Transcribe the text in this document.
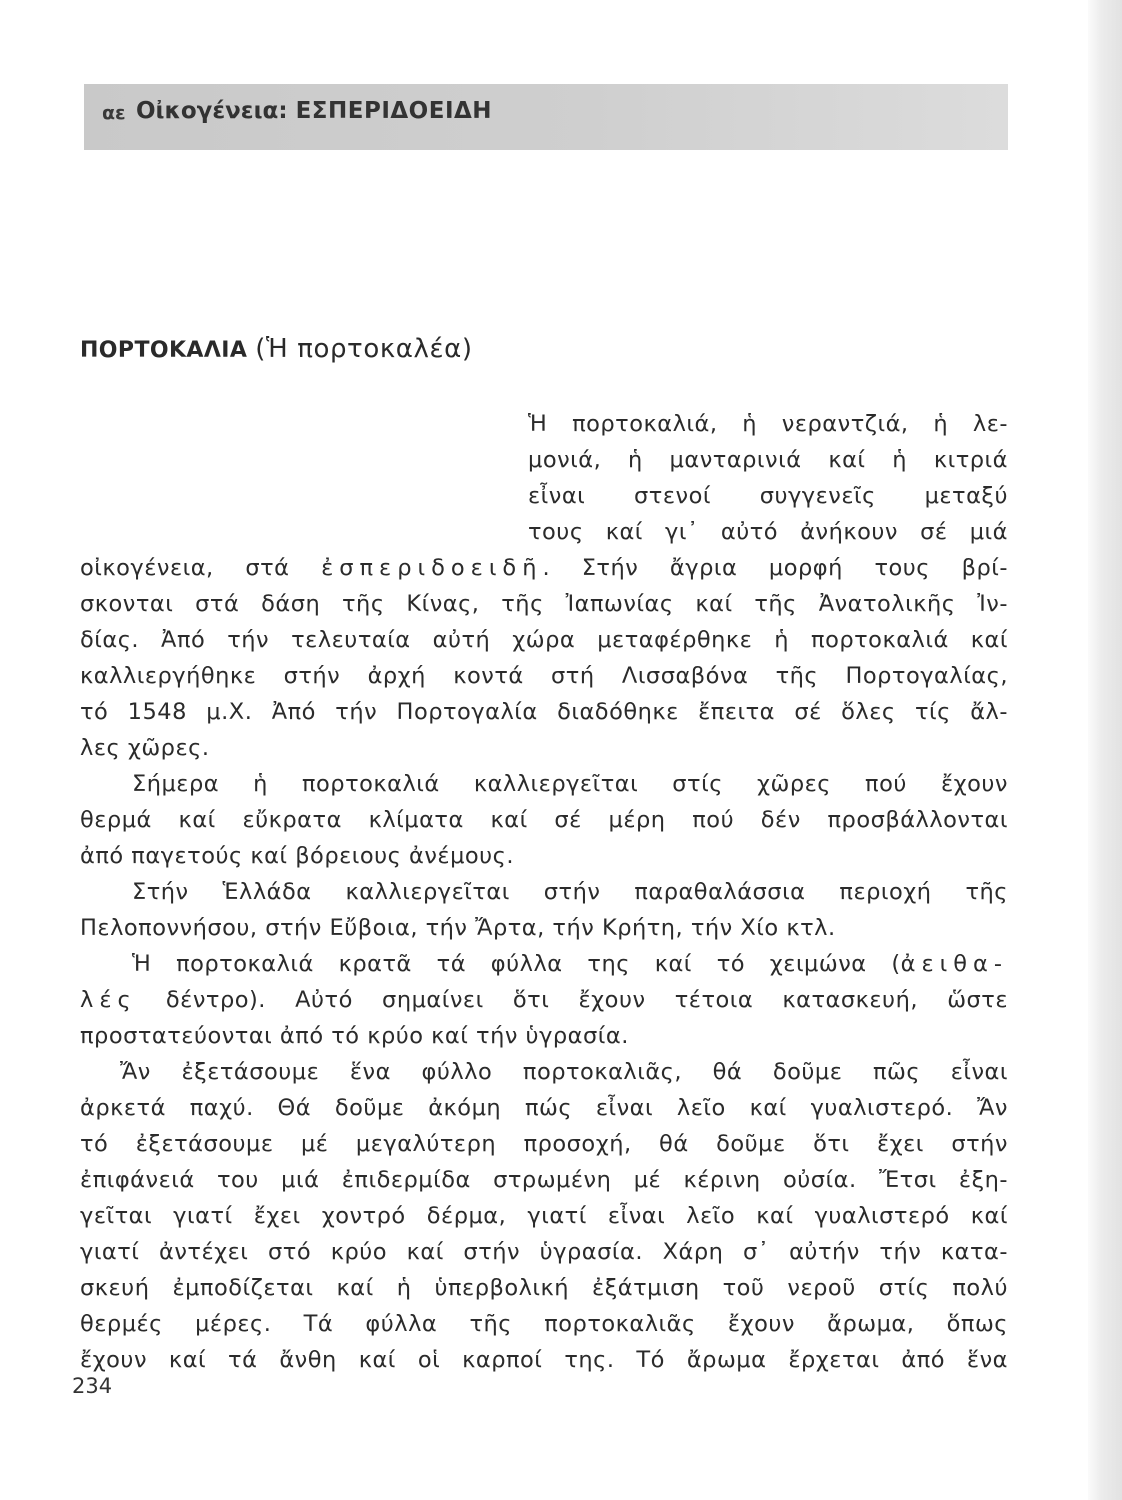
αε Οἰκογένεια: ΕΣΠΕΡΙΔΟΕΙΔΗ
ΠΟΡΤΟΚΑΛΙΑ (Ἡ πορτοκαλέα)
Ἡ πορτοκαλιά, ἡ νεραντζιά, ἡ λε-
μονιά, ἡ μανταρινιά καί ἡ κιτριά
εἶναι στενοί συγγενεῖς μεταξύ
τους καί γι᾽ αὐτό ἀνήκουν σέ μιά
οἰκογένεια, στά ἐσπεριδοειδῆ. Στήν ἄγρια μορφή τους βρί-
σκονται στά δάση τῆς Κίνας, τῆς Ἰαπωνίας καί τῆς Ἀνατολικῆς Ἰν-
δίας. Ἀπό τήν τελευταία αὐτή χώρα μεταφέρθηκε ἡ πορτοκαλιά καί
καλλιεργήθηκε στήν ἀρχή κοντά στή Λισσαβόνα τῆς Πορτογαλίας,
τό 1548 μ.Χ. Ἀπό τήν Πορτογαλία διαδόθηκε ἔπειτα σέ ὅλες τίς ἄλ-
λες χῶρες.
Σήμερα ἡ πορτοκαλιά καλλιεργεῖται στίς χῶρες πού ἔχουν
θερμά καί εὔκρατα κλίματα καί σέ μέρη πού δέν προσβάλλονται
ἀπό παγετούς καί βόρειους ἀνέμους.
Στήν Ἑλλάδα καλλιεργεῖται στήν παραθαλάσσια περιοχή τῆς
Πελοποννήσου, στήν Εὔβοια, τήν Ἄρτα, τήν Κρήτη, τήν Χίο κτλ.
Ἡ πορτοκαλιά κρατᾶ τά φύλλα της καί τό χειμώνα (ἀειθα-
λές δέντρο). Αὐτό σημαίνει ὅτι ἔχουν τέτοια κατασκευή, ὥστε
προστατεύονται ἀπό τό κρύο καί τήν ὑγρασία.
Ἄν ἐξετάσουμε ἕνα φύλλο πορτοκαλιᾶς, θά δοῦμε πῶς εἶναι
ἀρκετά παχύ. Θά δοῦμε ἀκόμη πώς εἶναι λεῖο καί γυαλιστερό. Ἄν
τό ἐξετάσουμε μέ μεγαλύτερη προσοχή, θά δοῦμε ὅτι ἔχει στήν
ἐπιφάνειά του μιά ἐπιδερμίδα στρωμένη μέ κέρινη οὐσία. Ἔτσι ἐξη-
γεῖται γιατί ἔχει χοντρό δέρμα, γιατί εἶναι λεῖο καί γυαλιστερό καί
γιατί ἀντέχει στό κρύο καί στήν ὑγρασία. Χάρη σ᾽ αὐτήν τήν κατα-
σκευή ἐμποδίζεται καί ἡ ὑπερβολική ἐξάτμιση τοῦ νεροῦ στίς πολύ
θερμές μέρες. Τά φύλλα τῆς πορτοκαλιᾶς ἔχουν ἄρωμα, ὅπως
ἔχουν καί τά ἄνθη καί οἱ καρποί της. Τό ἄρωμα ἔρχεται ἀπό ἕνα
234
